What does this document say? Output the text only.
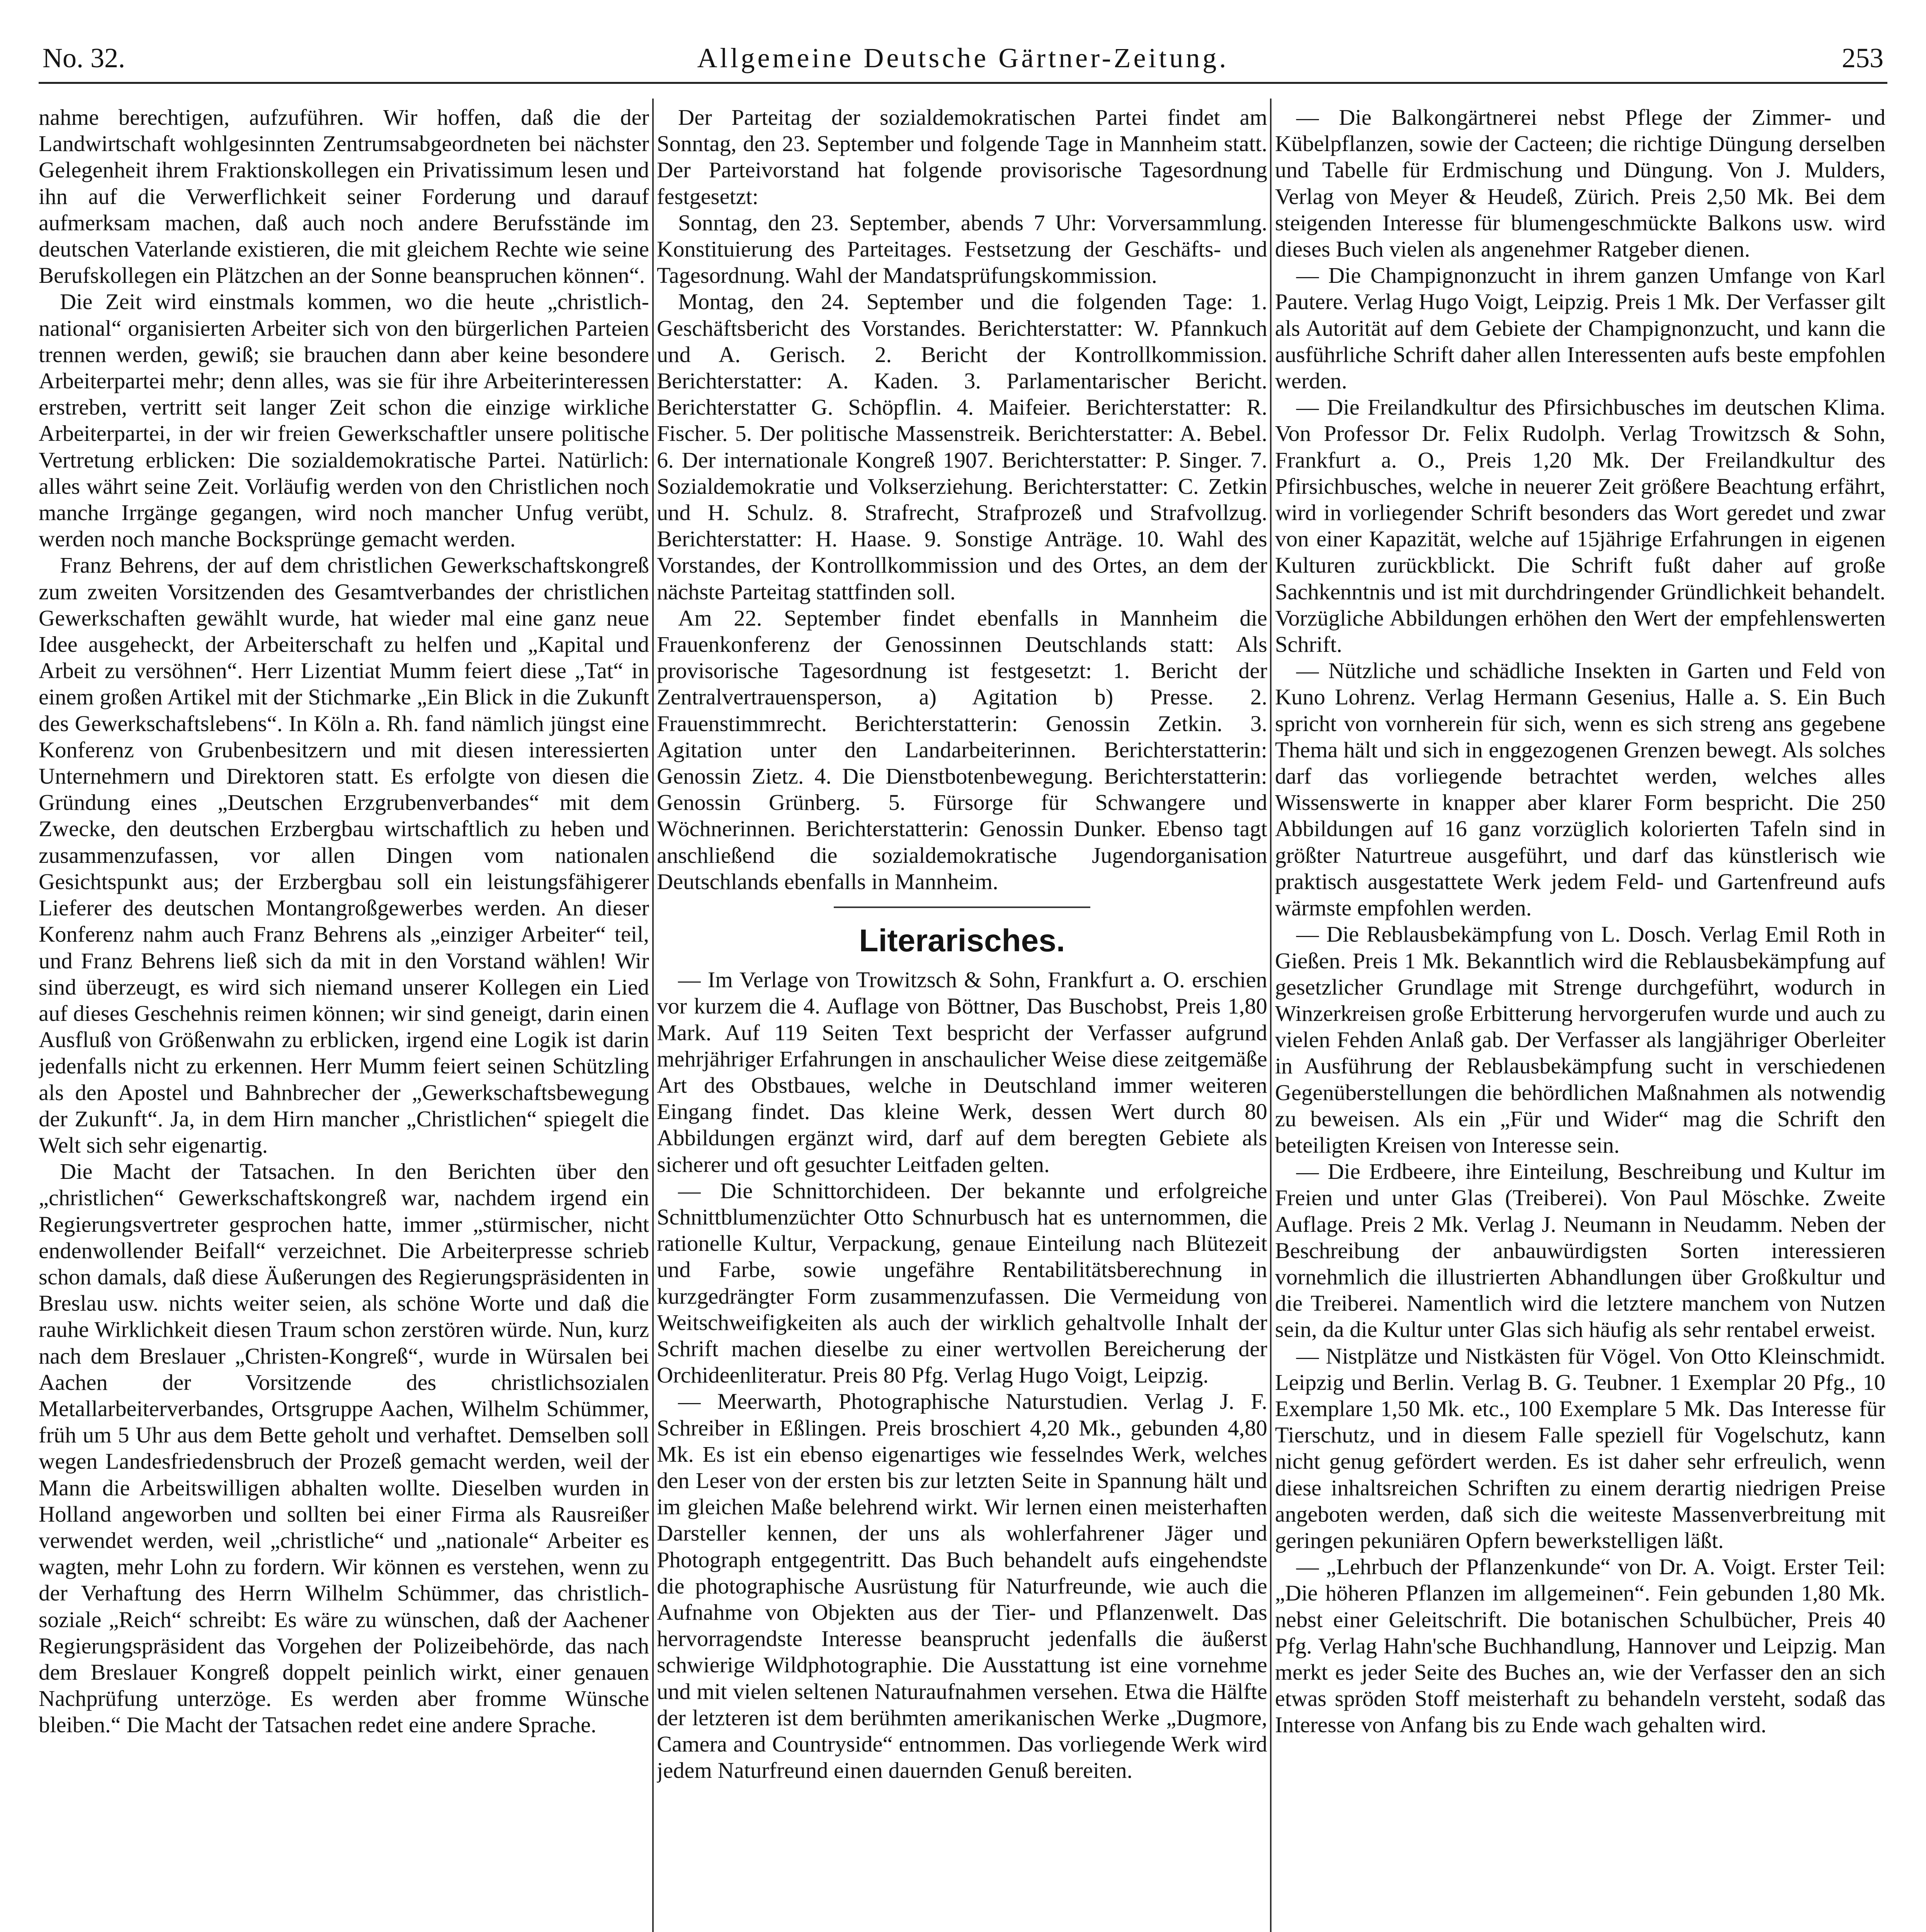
No. 32.	Allgemeine Deutsche Gärtner-Zeitung.	253

nahme berechtigen, aufzuführen. Wir hoffen, daß die der Landwirtschaft wohlgesinnten Zentrumsabgeordneten bei nächster Gelegenheit ihrem Fraktionskollegen ein Privatissimum lesen und ihn auf die Verwerflichkeit seiner Forderung und darauf aufmerksam machen, daß auch noch andere Berufsstände im deutschen Vaterlande existieren, die mit gleichem Rechte wie seine Berufskollegen ein Plätzchen an der Sonne beanspruchen können“.

Die Zeit wird einstmals kommen, wo die heute „christlich-national“ organisierten Arbeiter sich von den bürgerlichen Parteien trennen werden, gewiß; sie brauchen dann aber keine besondere Arbeiterpartei mehr; denn alles, was sie für ihre Arbeiterinteressen erstreben, vertritt seit langer Zeit schon die einzige wirkliche Arbeiterpartei, in der wir freien Gewerkschaftler unsere politische Vertretung erblicken: Die sozialdemokratische Partei. Natürlich: alles währt seine Zeit. Vorläufig werden von den Christlichen noch manche Irrgänge gegangen, wird noch mancher Unfug verübt, werden noch manche Bocksprünge gemacht werden.

Franz Behrens, der auf dem christlichen Gewerkschaftskongreß zum zweiten Vorsitzenden des Gesamtverbandes der christlichen Gewerkschaften gewählt wurde, hat wieder mal eine ganz neue Idee ausgeheckt, der Arbeiterschaft zu helfen und „Kapital und Arbeit zu versöhnen“. Herr Lizentiat Mumm feiert diese „Tat“ in einem großen Artikel mit der Stichmarke „Ein Blick in die Zukunft des Gewerkschaftslebens“. In Köln a. Rh. fand nämlich jüngst eine Konferenz von Grubenbesitzern und mit diesen interessierten Unternehmern und Direktoren statt. Es erfolgte von diesen die Gründung eines „Deutschen Erzgrubenverbandes“ mit dem Zwecke, den deutschen Erzbergbau wirtschaftlich zu heben und zusammenzufassen, vor allen Dingen vom nationalen Gesichtspunkt aus; der Erzbergbau soll ein leistungsfähigerer Lieferer des deutschen Montangroßgewerbes werden. An dieser Konferenz nahm auch Franz Behrens als „einziger Arbeiter“ teil, und Franz Behrens ließ sich da mit in den Vorstand wählen! Wir sind überzeugt, es wird sich niemand unserer Kollegen ein Lied auf dieses Geschehnis reimen können; wir sind geneigt, darin einen Ausfluß von Größenwahn zu erblicken, irgend eine Logik ist darin jedenfalls nicht zu erkennen. Herr Mumm feiert seinen Schützling als den Apostel und Bahnbrecher der „Gewerkschaftsbewegung der Zukunft“. Ja, in dem Hirn mancher „Christlichen“ spiegelt die Welt sich sehr eigenartig.

Die Macht der Tatsachen. In den Berichten über den „christlichen“ Gewerkschaftskongreß war, nachdem irgend ein Regierungsvertreter gesprochen hatte, immer „stürmischer, nicht endenwollender Beifall“ verzeichnet. Die Arbeiterpresse schrieb schon damals, daß diese Äußerungen des Regierungspräsidenten in Breslau usw. nichts weiter seien, als schöne Worte und daß die rauhe Wirklichkeit diesen Traum schon zerstören würde. Nun, kurz nach dem Breslauer „Christen-Kongreß“, wurde in Würsalen bei Aachen der Vorsitzende des christlichsozialen Metallarbeiterverbandes, Ortsgruppe Aachen, Wilhelm Schümmer, früh um 5 Uhr aus dem Bette geholt und verhaftet. Demselben soll wegen Landesfriedensbruch der Prozeß gemacht werden, weil der Mann die Arbeitswilligen abhalten wollte. Dieselben wurden in Holland angeworben und sollten bei einer Firma als Rausreißer verwendet werden, weil „christliche“ und „nationale“ Arbeiter es wagten, mehr Lohn zu fordern. Wir können es verstehen, wenn zu der Verhaftung des Herrn Wilhelm Schümmer, das christlich-soziale „Reich“ schreibt: Es wäre zu wünschen, daß der Aachener Regierungspräsident das Vorgehen der Polizeibehörde, das nach dem Breslauer Kongreß doppelt peinlich wirkt, einer genauen Nachprüfung unterzöge. Es werden aber fromme Wünsche bleiben.“ Die Macht der Tatsachen redet eine andere Sprache.

Der Parteitag der sozialdemokratischen Partei findet am Sonntag, den 23. September und folgende Tage in Mannheim statt. Der Parteivorstand hat folgende provisorische Tagesordnung festgesetzt:

Sonntag, den 23. September, abends 7 Uhr: Vorversammlung. Konstituierung des Parteitages. Festsetzung der Geschäfts- und Tagesordnung. Wahl der Mandatsprüfungskommission.

Montag, den 24. September und die folgenden Tage: 1. Geschäftsbericht des Vorstandes. Berichterstatter: W. Pfannkuch und A. Gerisch. 2. Bericht der Kontrollkommission. Berichterstatter: A. Kaden. 3. Parlamentarischer Bericht. Berichterstatter G. Schöpflin. 4. Maifeier. Berichterstatter: R. Fischer. 5. Der politische Massenstreik. Berichterstatter: A. Bebel. 6. Der internationale Kongreß 1907. Berichterstatter: P. Singer. 7. Sozialdemokratie und Volkserziehung. Berichterstatter: C. Zetkin und H. Schulz. 8. Strafrecht, Strafprozeß und Strafvollzug. Berichterstatter: H. Haase. 9. Sonstige Anträge. 10. Wahl des Vorstandes, der Kontrollkommission und des Ortes, an dem der nächste Parteitag stattfinden soll.

Am 22. September findet ebenfalls in Mannheim die Frauenkonferenz der Genossinnen Deutschlands statt: Als provisorische Tagesordnung ist festgesetzt: 1. Bericht der Zentralvertrauensperson, a) Agitation b) Presse. 2. Frauenstimmrecht. Berichterstatterin: Genossin Zetkin. 3. Agitation unter den Landarbeiterinnen. Berichterstatterin: Genossin Zietz. 4. Die Dienstbotenbewegung. Berichterstatterin: Genossin Grünberg. 5. Fürsorge für Schwangere und Wöchnerinnen. Berichterstatterin: Genossin Dunker. Ebenso tagt anschließend die sozialdemokratische Jugendorganisation Deutschlands ebenfalls in Mannheim.

Literarisches.

— Im Verlage von Trowitzsch & Sohn, Frankfurt a. O. erschien vor kurzem die 4. Auflage von Böttner, Das Buschobst, Preis 1,80 Mark. Auf 119 Seiten Text bespricht der Verfasser aufgrund mehrjähriger Erfahrungen in anschaulicher Weise diese zeitgemäße Art des Obstbaues, welche in Deutschland immer weiteren Eingang findet. Das kleine Werk, dessen Wert durch 80 Abbildungen ergänzt wird, darf auf dem beregten Gebiete als sicherer und oft gesuchter Leitfaden gelten.

— Die Schnittorchideen. Der bekannte und erfolgreiche Schnittblumenzüchter Otto Schnurbusch hat es unternommen, die rationelle Kultur, Verpackung, genaue Einteilung nach Blütezeit und Farbe, sowie ungefähre Rentabilitätsberechnung in kurzgedrängter Form zusammenzufassen. Die Vermeidung von Weitschweifigkeiten als auch der wirklich gehaltvolle Inhalt der Schrift machen dieselbe zu einer wertvollen Bereicherung der Orchideenliteratur. Preis 80 Pfg. Verlag Hugo Voigt, Leipzig.

— Meerwarth, Photographische Naturstudien. Verlag J. F. Schreiber in Eßlingen. Preis broschiert 4,20 Mk., gebunden 4,80 Mk. Es ist ein ebenso eigenartiges wie fesselndes Werk, welches den Leser von der ersten bis zur letzten Seite in Spannung hält und im gleichen Maße belehrend wirkt. Wir lernen einen meisterhaften Darsteller kennen, der uns als wohlerfahrener Jäger und Photograph entgegentritt. Das Buch behandelt aufs eingehendste die photographische Ausrüstung für Naturfreunde, wie auch die Aufnahme von Objekten aus der Tier- und Pflanzenwelt. Das hervorragendste Interesse beansprucht jedenfalls die äußerst schwierige Wildphotographie. Die Ausstattung ist eine vornehme und mit vielen seltenen Naturaufnahmen versehen. Etwa die Hälfte der letzteren ist dem berühmten amerikanischen Werke „Dugmore, Camera and Countryside“ entnommen. Das vorliegende Werk wird jedem Naturfreund einen dauernden Genuß bereiten.

— Die Balkongärtnerei nebst Pflege der Zimmer- und Kübelpflanzen, sowie der Cacteen; die richtige Düngung derselben und Tabelle für Erdmischung und Düngung. Von J. Mulders, Verlag von Meyer & Heudeß, Zürich. Preis 2,50 Mk. Bei dem steigenden Interesse für blumengeschmückte Balkons usw. wird dieses Buch vielen als angenehmer Ratgeber dienen.

— Die Champignonzucht in ihrem ganzen Umfange von Karl Pautere. Verlag Hugo Voigt, Leipzig. Preis 1 Mk. Der Verfasser gilt als Autorität auf dem Gebiete der Champignonzucht, und kann die ausführliche Schrift daher allen Interessenten aufs beste empfohlen werden.

— Die Freilandkultur des Pfirsichbusches im deutschen Klima. Von Professor Dr. Felix Rudolph. Verlag Trowitzsch & Sohn, Frankfurt a. O., Preis 1,20 Mk. Der Freilandkultur des Pfirsichbusches, welche in neuerer Zeit größere Beachtung erfährt, wird in vorliegender Schrift besonders das Wort geredet und zwar von einer Kapazität, welche auf 15jährige Erfahrungen in eigenen Kulturen zurückblickt. Die Schrift fußt daher auf große Sachkenntnis und ist mit durchdringender Gründlichkeit behandelt. Vorzügliche Abbildungen erhöhen den Wert der empfehlenswerten Schrift.

— Nützliche und schädliche Insekten in Garten und Feld von Kuno Lohrenz. Verlag Hermann Gesenius, Halle a. S. Ein Buch spricht von vornherein für sich, wenn es sich streng ans gegebene Thema hält und sich in enggezogenen Grenzen bewegt. Als solches darf das vorliegende betrachtet werden, welches alles Wissenswerte in knapper aber klarer Form bespricht. Die 250 Abbildungen auf 16 ganz vorzüglich kolorierten Tafeln sind in größter Naturtreue ausgeführt, und darf das künstlerisch wie praktisch ausgestattete Werk jedem Feld- und Gartenfreund aufs wärmste empfohlen werden.

— Die Reblausbekämpfung von L. Dosch. Verlag Emil Roth in Gießen. Preis 1 Mk. Bekanntlich wird die Reblausbekämpfung auf gesetzlicher Grundlage mit Strenge durchgeführt, wodurch in Winzerkreisen große Erbitterung hervorgerufen wurde und auch zu vielen Fehden Anlaß gab. Der Verfasser als langjähriger Oberleiter in Ausführung der Reblausbekämpfung sucht in verschiedenen Gegenüberstellungen die behördlichen Maßnahmen als notwendig zu beweisen. Als ein „Für und Wider“ mag die Schrift den beteiligten Kreisen von Interesse sein.

— Die Erdbeere, ihre Einteilung, Beschreibung und Kultur im Freien und unter Glas (Treiberei). Von Paul Möschke. Zweite Auflage. Preis 2 Mk. Verlag J. Neumann in Neudamm. Neben der Beschreibung der anbauwürdigsten Sorten interessieren vornehmlich die illustrierten Abhandlungen über Großkultur und die Treiberei. Namentlich wird die letztere manchem von Nutzen sein, da die Kultur unter Glas sich häufig als sehr rentabel erweist.

— Nistplätze und Nistkästen für Vögel. Von Otto Kleinschmidt. Leipzig und Berlin. Verlag B. G. Teubner. 1 Exemplar 20 Pfg., 10 Exemplare 1,50 Mk. etc., 100 Exemplare 5 Mk. Das Interesse für Tierschutz, und in diesem Falle speziell für Vogelschutz, kann nicht genug gefördert werden. Es ist daher sehr erfreulich, wenn diese inhaltsreichen Schriften zu einem derartig niedrigen Preise angeboten werden, daß sich die weiteste Massenverbreitung mit geringen pekuniären Opfern bewerkstelligen läßt.

— „Lehrbuch der Pflanzenkunde“ von Dr. A. Voigt. Erster Teil: „Die höheren Pflanzen im allgemeinen“. Fein gebunden 1,80 Mk. nebst einer Geleitschrift. Die botanischen Schulbücher, Preis 40 Pfg. Verlag Hahn'sche Buchhandlung, Hannover und Leipzig. Man merkt es jeder Seite des Buches an, wie der Verfasser den an sich etwas spröden Stoff meisterhaft zu behandeln versteht, sodaß das Interesse von Anfang bis zu Ende wach gehalten wird.
